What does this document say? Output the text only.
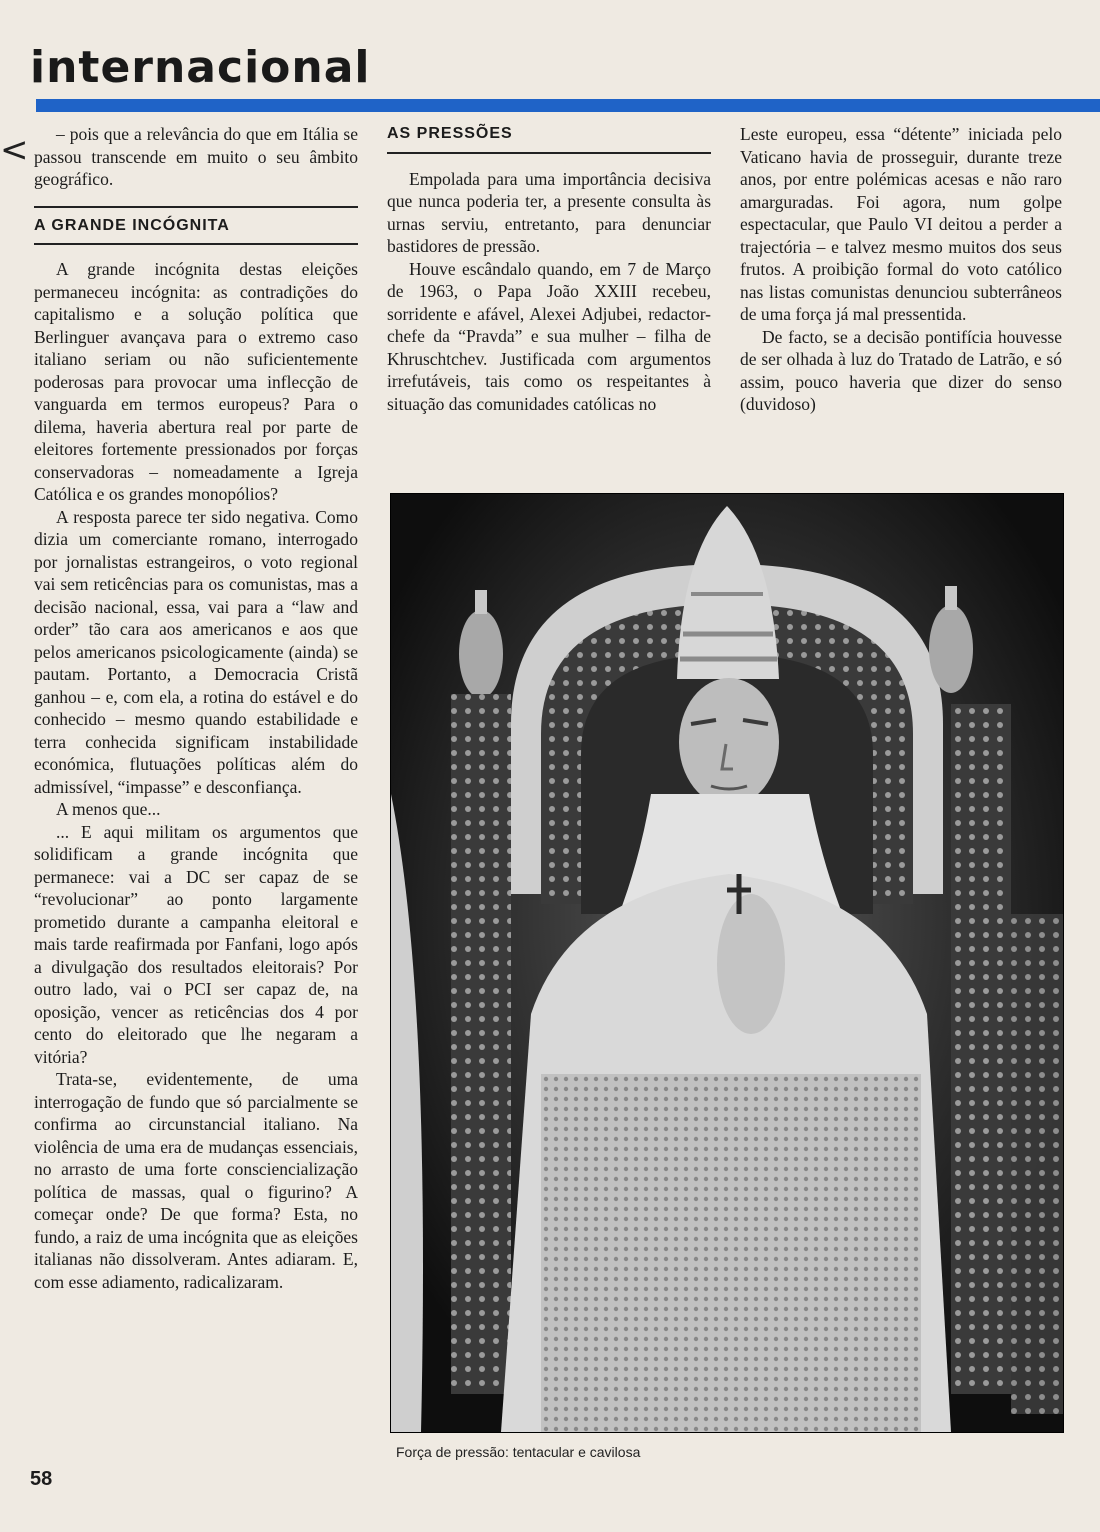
internacional
<	– pois que a relevância do que em Itália se passou transcende em muito o seu âmbito geográfico.

A GRANDE INCÓGNITA

A grande incógnita destas eleições permaneceu incógnita: as contradições do capitalismo e a solução política que Berlinguer avançava para o extremo caso italiano seriam ou não suficientemente poderosas para provocar uma inflecção de vanguarda em termos europeus? Para o dilema, haveria abertura real por parte de eleitores fortemente pressionados por forças conservadoras – nomeadamente a Igreja Católica e os grandes monopólios?

A resposta parece ter sido negativa. Como dizia um comerciante romano, interrogado por jornalistas estrangeiros, o voto regional vai sem reticências para os comunistas, mas a decisão nacional, essa, vai para a “law and order” tão cara aos americanos e aos que pelos americanos psicologicamente (ainda) se pautam. Portanto, a Democracia Cristã ganhou – e, com ela, a rotina do estável e do conhecido – mesmo quando estabilidade e terra conhecida significam instabilidade económica, flutuações políticas além do admissível, “impasse” e desconfiança.

A menos que...

... E aqui militam os argumentos que solidificam a grande incógnita que permanece: vai a DC ser capaz de se “revolucionar” ao ponto largamente prometido durante a campanha eleitoral e mais tarde reafirmada por Fanfani, logo após a divulgação dos resultados eleitorais? Por outro lado, vai o PCI ser capaz de, na oposição, vencer as reticências dos 4 por cento do eleitorado que lhe negaram a vitória?

Trata-se, evidentemente, de uma interrogação de fundo que só parcialmente se confirma ao circunstancial italiano. Na violência de uma era de mudanças essenciais, no arrasto de uma forte consciencialização política de massas, qual o figurino? A começar onde? De que forma? Esta, no fundo, a raiz de uma incógnita que as eleições italianas não dissolveram. Antes adiaram. E, com esse adiamento, radicalizaram.

AS PRESSÕES

Empolada para uma importância decisiva que nunca poderia ter, a presente consulta às urnas serviu, entretanto, para denunciar bastidores de pressão.

Houve escândalo quando, em 7 de Março de 1963, o Papa João XXIII recebeu, sorridente e afável, Alexei Adjubei, redactor-chefe da “Pravda” e sua mulher – filha de Khruschtchev. Justificada com argumentos irrefutáveis, tais como os respeitantes à situação das comunidades católicas no

Leste europeu, essa “détente” iniciada pelo Vaticano havia de prosseguir, durante treze anos, por entre polémicas acesas e não raro amarguradas. Foi agora, num golpe espectacular, que Paulo VI deitou a perder a trajectória – e talvez mesmo muitos dos seus frutos. A proibição formal do voto católico nas listas comunistas denunciou subterrâneos de uma força já mal pressentida.

De facto, se a decisão pontifícia houvesse de ser olhada à luz do Tratado de Latrão, e só assim, pouco haveria que dizer do senso (duvidoso)

Força de pressão: tentacular e cavilosa

58
